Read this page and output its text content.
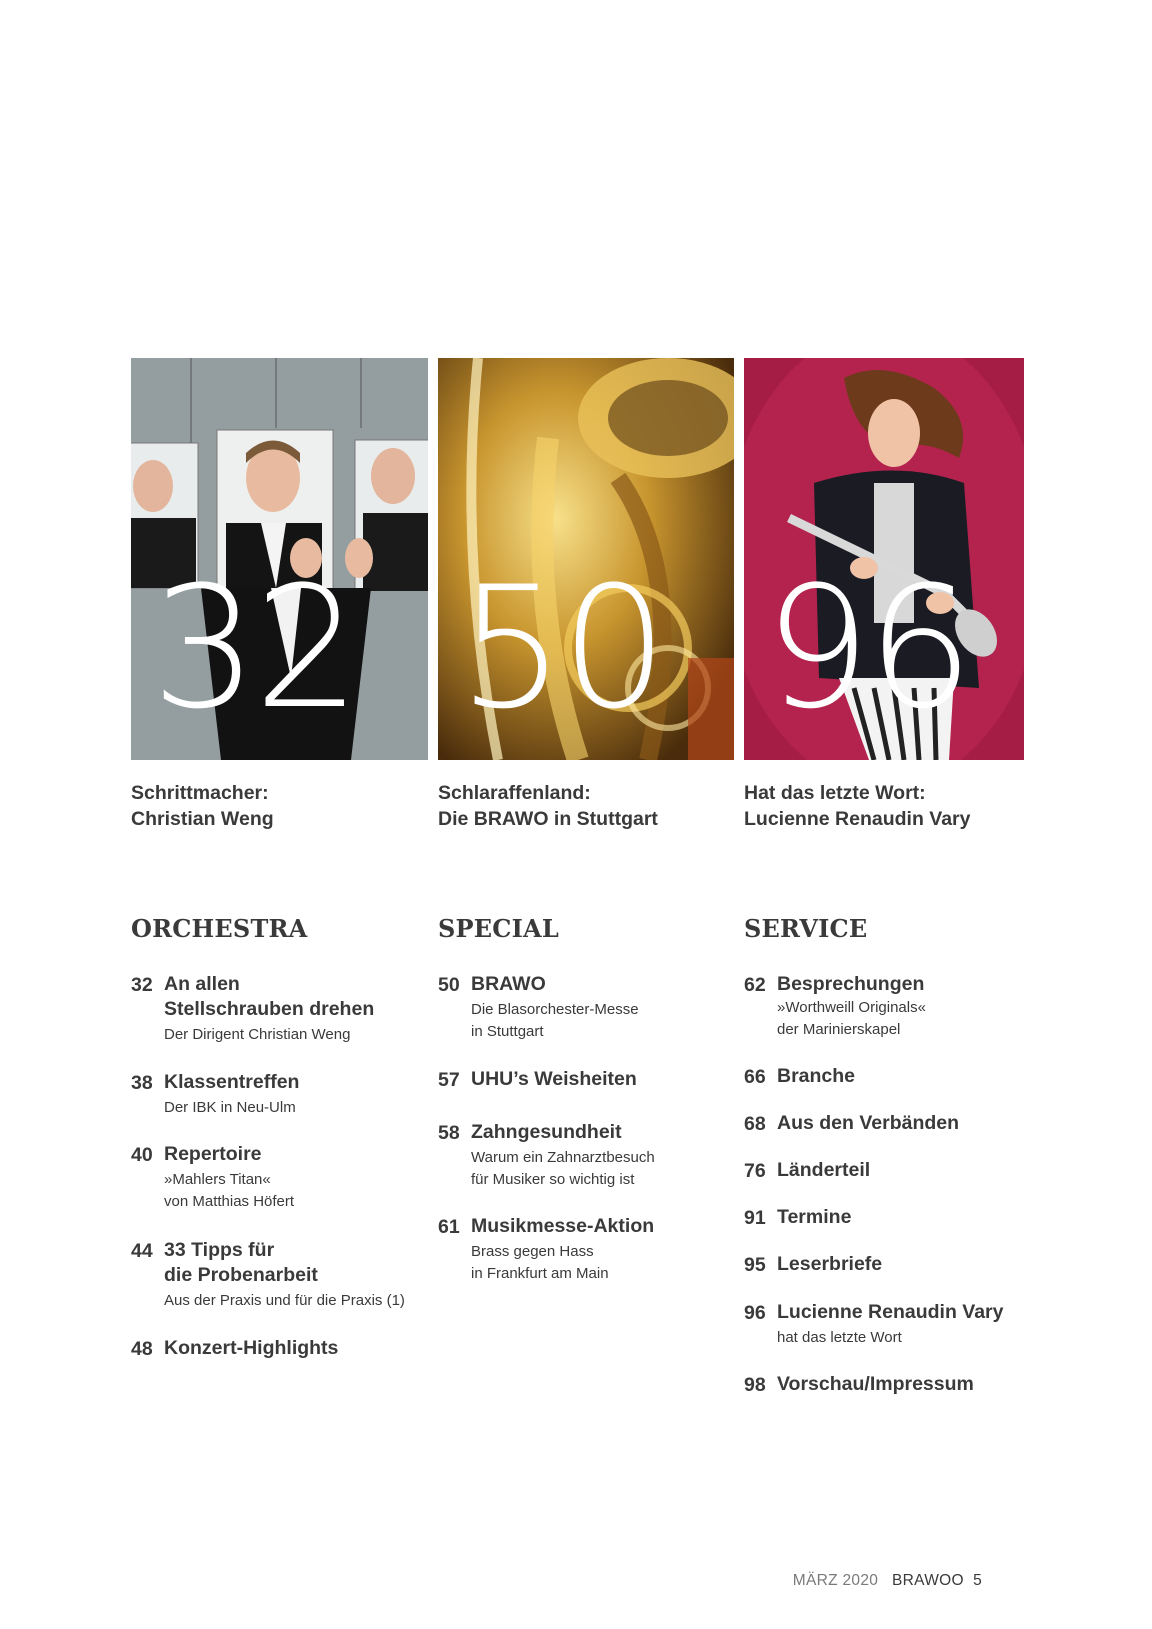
32 50 96
Schrittmacher:
Christian Weng
Schlaraffenland:
Die BRAWO in Stuttgart
Hat das letzte Wort:
Lucienne Renaudin Vary
ORCHESTRA	SPECIAL	SERVICE
32 An allen
Stellschrauben drehen
Der Dirigent Christian Weng
38 Klassentreffen
Der IBK in Neu-Ulm
40 Repertoire
»Mahlers Titan«
von Matthias Höfert
44 33 Tipps für
die Probenarbeit
Aus der Praxis und für die Praxis (1)
48 Konzert-Highlights
50 BRAWO
Die Blasorchester-Messe
in Stuttgart
57 UHU’s Weisheiten
58 Zahngesundheit
Warum ein Zahnarztbesuch
für Musiker so wichtig ist
61 Musikmesse-Aktion
Brass gegen Hass
in Frankfurt am Main
62 Besprechungen
»Worthweill Originals«
der Marinierskapel
66 Branche
68 Aus den Verbänden
76 Länderteil
91 Termine
95 Leserbriefe
96 Lucienne Renaudin Vary
hat das letzte Wort
98 Vorschau/Impressum
MÄRZ 2020 BRAWOO 5
